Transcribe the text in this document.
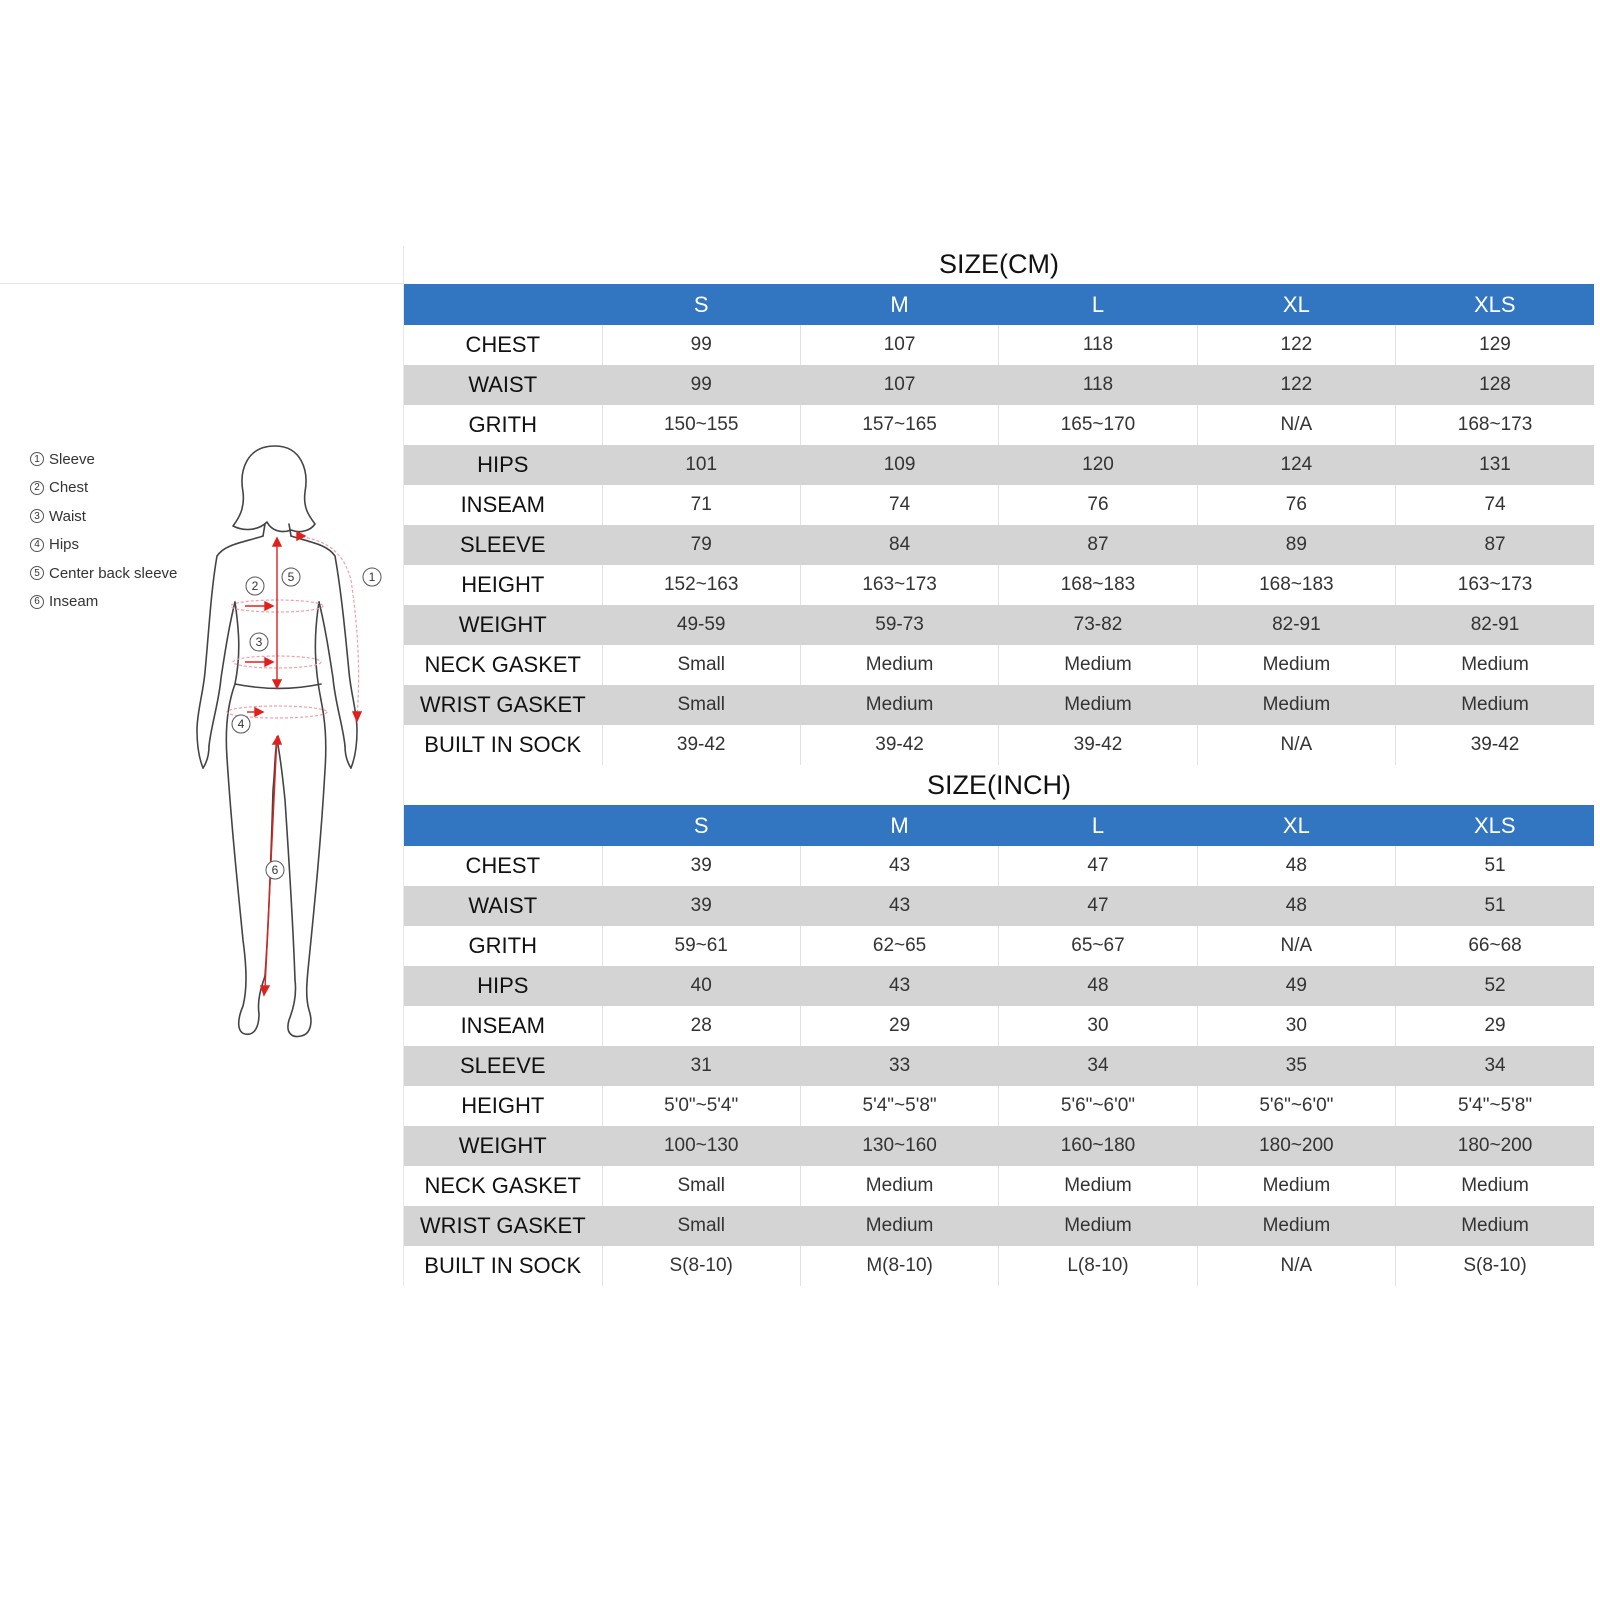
1 Sleeve
2 Chest
3 Waist
4 Hips
5 Center back sleeve
6 Inseam
1
2
3
4
5
6
SIZE(CM)
	S	M	L	XL	XLS
CHEST	99	107	118	122	129
WAIST	99	107	118	122	128
GRITH	150~155	157~165	165~170	N/A	168~173
HIPS	101	109	120	124	131
INSEAM	71	74	76	76	74
SLEEVE	79	84	87	89	87
HEIGHT	152~163	163~173	168~183	168~183	163~173
WEIGHT	49-59	59-73	73-82	82-91	82-91
NECK GASKET	Small	Medium	Medium	Medium	Medium
WRIST GASKET	Small	Medium	Medium	Medium	Medium
BUILT IN SOCK	39-42	39-42	39-42	N/A	39-42
SIZE(INCH)
	S	M	L	XL	XLS
CHEST	39	43	47	48	51
WAIST	39	43	47	48	51
GRITH	59~61	62~65	65~67	N/A	66~68
HIPS	40	43	48	49	52
INSEAM	28	29	30	30	29
SLEEVE	31	33	34	35	34
HEIGHT	5'0"~5'4"	5'4"~5'8"	5'6"~6'0"	5'6"~6'0"	5'4"~5'8"
WEIGHT	100~130	130~160	160~180	180~200	180~200
NECK GASKET	Small	Medium	Medium	Medium	Medium
WRIST GASKET	Small	Medium	Medium	Medium	Medium
BUILT IN SOCK	S(8-10)	M(8-10)	L(8-10)	N/A	S(8-10)
